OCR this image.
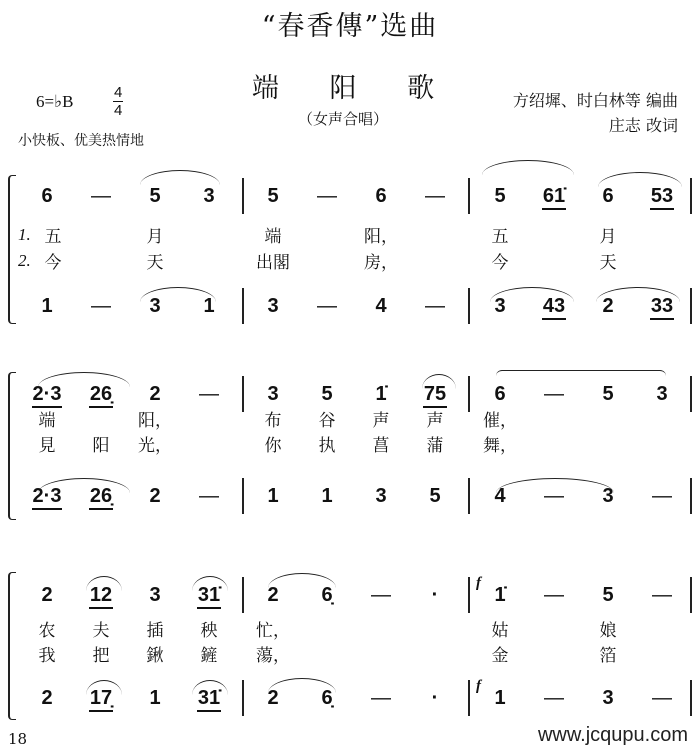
“春香傳”选曲
端 阳 歌
（女声合唱）
6=♭B	4
4
小快板、优美热情地
方绍墀、时白林等 编曲
庄志 改词
6	—	5	3	5	—	6	—	5	61̇	6	53
1	—	3	1	3	—	4	—	3	43	2	33
1. 五	月	端	阳，	五	月
2. 今	天	出閣	房，	今	天
2·3	26̣	2	—	3	5	1̇	75	6	—	5	3
2·3	26̣	2	—	1	1	3	5	4	—	3	—
端	阳，	布	谷	声	声	催，
見	阳	光，	你	执	菖	蒲	舞，
2	12	3	31̇	2	6̣	—	·	1̇	—	5	—
2	17̣	1	31̇	2	6̣	—	·	1	—	3	—
农	夫	插	秧	忙，	姑	娘
我	把	鍬	鏟	蕩，	金	箔
f
f
18	www.jcqupu.com
